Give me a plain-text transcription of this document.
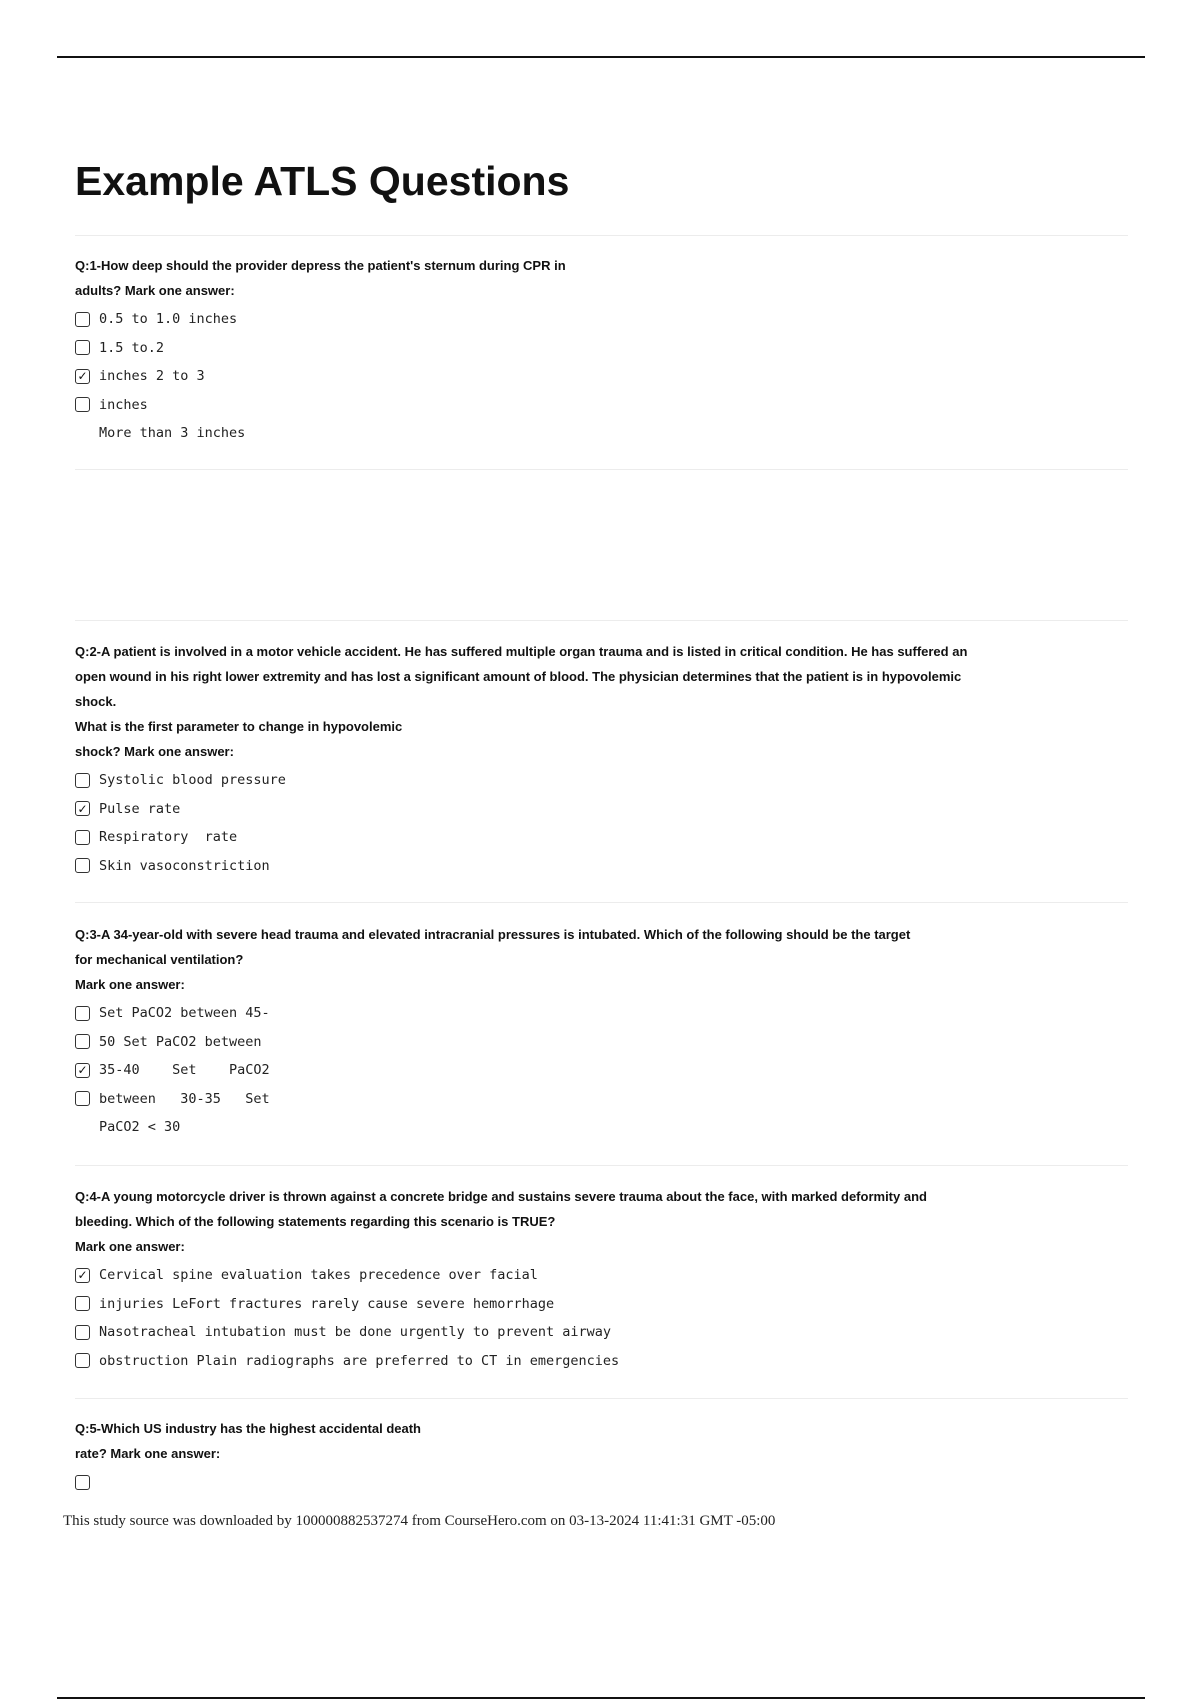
Example ATLS Questions
Q:1-How deep should the provider depress the patient's sternum during CPR in
adults? Mark one answer:
0.5 to 1.0 inches
1.5 to.2
✓ inches 2 to 3
inches
More than 3 inches
Q:2-A patient is involved in a motor vehicle accident. He has suffered multiple organ trauma and is listed in critical condition. He has suffered an
open wound in his right lower extremity and has lost a significant amount of blood. The physician determines that the patient is in hypovolemic
shock.
What is the first parameter to change in hypovolemic
shock? Mark one answer:
Systolic blood pressure
✓ Pulse rate
Respiratory  rate
Skin vasoconstriction
Q:3-A 34-year-old with severe head trauma and elevated intracranial pressures is intubated. Which of the following should be the target
for mechanical ventilation?
Mark one answer:
Set PaCO2 between 45-
50 Set PaCO2 between
✓ 35-40    Set    PaCO2
between   30-35   Set
PaCO2 < 30
Q:4-A young motorcycle driver is thrown against a concrete bridge and sustains severe trauma about the face, with marked deformity and
bleeding. Which of the following statements regarding this scenario is TRUE?
Mark one answer:
✓ Cervical spine evaluation takes precedence over facial
injuries LeFort fractures rarely cause severe hemorrhage
Nasotracheal intubation must be done urgently to prevent airway
obstruction Plain radiographs are preferred to CT in emergencies
Q:5-Which US industry has the highest accidental death
rate? Mark one answer:
This study source was downloaded by 100000882537274 from CourseHero.com on 03-13-2024 11:41:31 GMT -05:00
